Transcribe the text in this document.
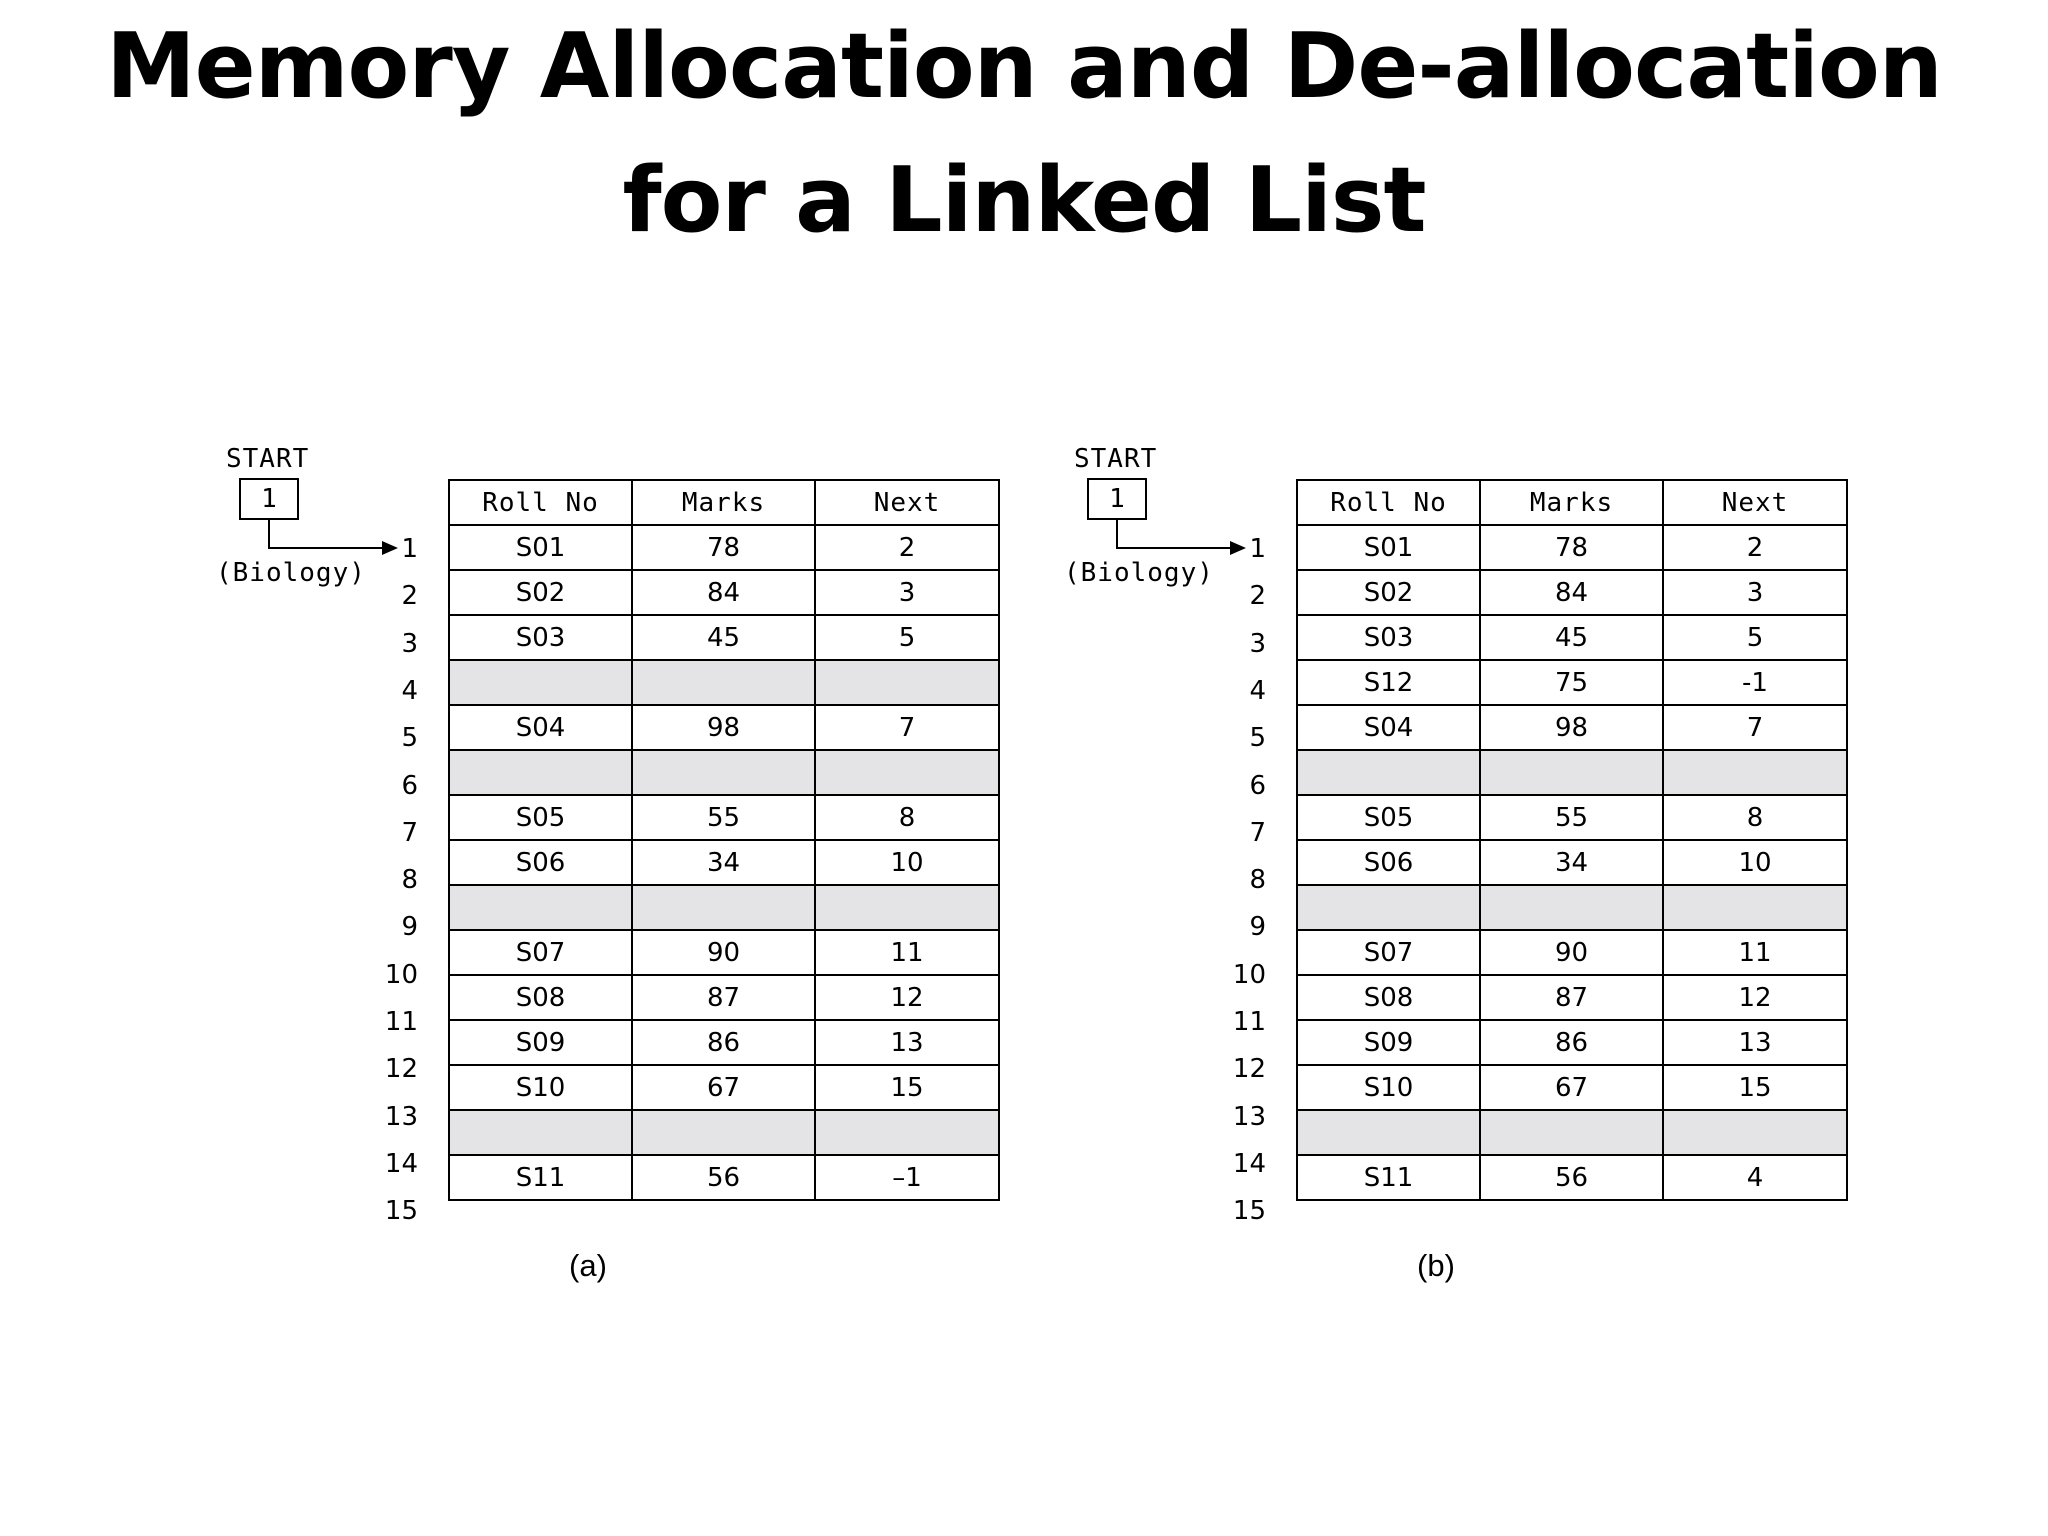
Memory Allocation and De-allocation
for a Linked List
START
1
(Biology)
1
2
3
4
5
6
7
8
9
10
11
12
13
14
15
Roll No	Marks	Next
S01	78	2
S02	84	3
S03	45	5

S04	98	7

S05	55	8
S06	34	10

S07	90	11
S08	87	12
S09	86	13
S10	67	15

S11	56	–1
(a)
START
1
(Biology)
1
2
3
4
5
6
7
8
9
10
11
12
13
14
15
Roll No	Marks	Next
S01	78	2
S02	84	3
S03	45	5
S12	75	-1
S04	98	7

S05	55	8
S06	34	10

S07	90	11
S08	87	12
S09	86	13
S10	67	15

S11	56	4
(b)
